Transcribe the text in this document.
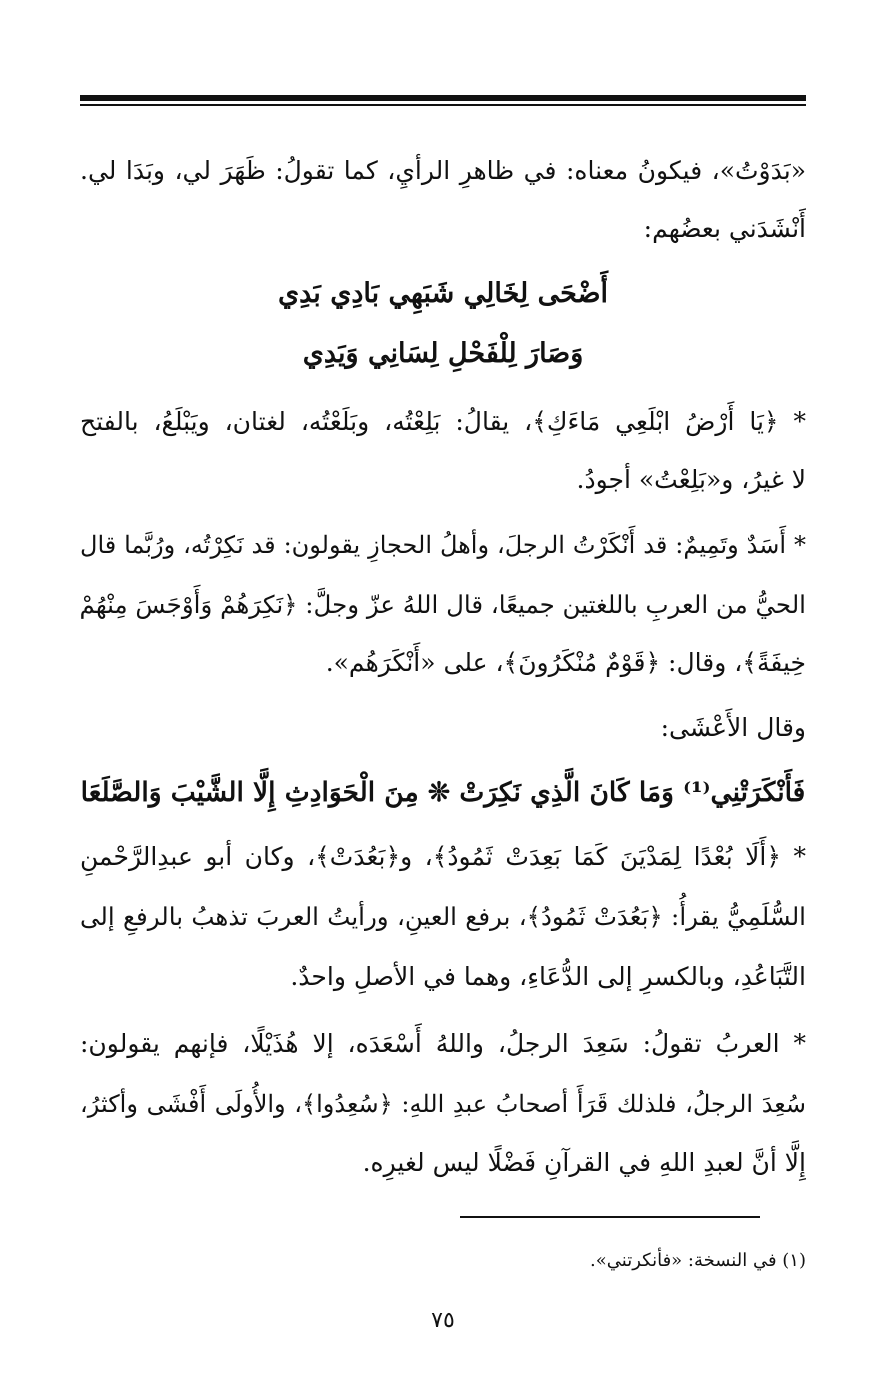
«بَدَوْتُ»، فيكونُ معناه: في ظاهرِ الرأيِ، كما تقولُ: ظَهَرَ لي، وبَدَا لي.
أَنْشَدَني بعضُهم:
أَضْحَى لِخَالِي شَبَهِي بَادِي بَدِي
وَصَارَ لِلْفَحْلِ لِسَانِي وَيَدِي
* ﴿يَا أَرْضُ ابْلَعِي مَاءَكِ﴾، يقالُ: بَلِعْتُه، وبَلَعْتُه، لغتان، ويَبْلَعُ، بالفتح
لا غيرُ، و«بَلِعْتُ» أجودُ.
* أَسَدٌ وتَمِيمٌ: قد أَنْكَرْتُ الرجلَ، وأهلُ الحجازِ يقولون: قد نَكِرْتُه، ورُبَّما قال
الحيُّ من العربِ باللغتين جميعًا، قال اللهُ عزّ وجلَّ: ﴿نَكِرَهُمْ وَأَوْجَسَ مِنْهُمْ
خِيفَةً﴾، وقال: ﴿قَوْمٌ مُنْكَرُونَ﴾، على «أَنْكَرَهُم».
وقال الأَعْشَى:
فَأَنْكَرَتْنِي⁽¹⁾ وَمَا كَانَ الَّذِي نَكِرَتْ ❊ مِنَ الْحَوَادِثِ إِلَّا الشَّيْبَ وَالصَّلَعَا
* ﴿أَلَا بُعْدًا لِمَدْيَنَ كَمَا بَعِدَتْ ثَمُودُ﴾، و﴿بَعُدَتْ﴾، وكان أبو عبدِالرَّحْمنِ
السُّلَمِيُّ يقرأُ: ﴿بَعُدَتْ ثَمُودُ﴾، برفع العينِ، ورأيتُ العربَ تذهبُ بالرفعِ إلى
التَّبَاعُدِ، وبالكسرِ إلى الدُّعَاءِ، وهما في الأصلِ واحدٌ.
* العربُ تقولُ: سَعِدَ الرجلُ، واللهُ أَسْعَدَه، إلا هُذَيْلًا، فإنهم يقولون:
سُعِدَ الرجلُ، فلذلك قَرَأَ أصحابُ عبدِ اللهِ: ﴿سُعِدُوا﴾، والأُولَى أَفْشَى وأكثرُ،
إِلَّا أنَّ لعبدِ اللهِ في القرآنِ فَضْلًا ليس لغيرِه.
(١) في النسخة: «فأنكرتني».
٧٥
